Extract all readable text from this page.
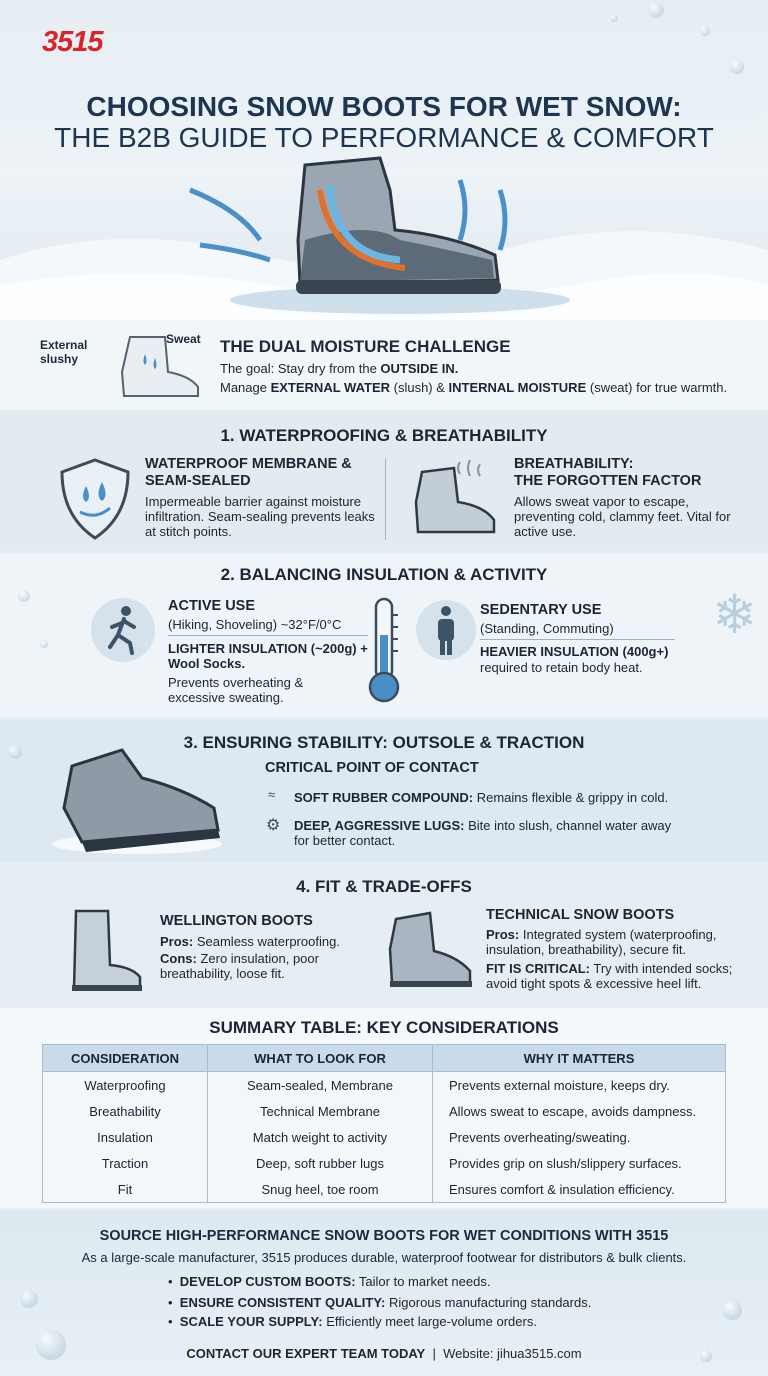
3515
CHOOSING SNOW BOOTS FOR WET SNOW:
THE B2B GUIDE TO PERFORMANCE & COMFORT
External slushy
Sweat THE DUAL MOISTURE CHALLENGE
The goal: Stay dry from the OUTSIDE IN.
Manage EXTERNAL WATER (slush) & INTERNAL MOISTURE (sweat) for true warmth.
1. WATERPROOFING & BREATHABILITY
WATERPROOF MEMBRANE & SEAM-SEALED
Impermeable barrier against moisture infiltration. Seam-sealing prevents leaks at stitch points.
BREATHABILITY:
THE FORGOTTEN FACTOR
Allows sweat vapor to escape, preventing cold, clammy feet. Vital for active use.
2. BALANCING INSULATION & ACTIVITY
ACTIVE USE
(Hiking, Shoveling) ~32°F/0°C
LIGHTER INSULATION (~200g) + Wool Socks.
Prevents overheating & excessive sweating.
SEDENTARY USE
(Standing, Commuting)
HEAVIER INSULATION (400g+)
required to retain body heat.
❄
3. ENSURING STABILITY: OUTSOLE & TRACTION
CRITICAL POINT OF CONTACT
≈ SOFT RUBBER COMPOUND: Remains flexible & grippy in cold.
⚙ DEEP, AGGRESSIVE LUGS: Bite into slush, channel water away
for better contact.
4. FIT & TRADE-OFFS
WELLINGTON BOOTS
Pros: Seamless waterproofing.
Cons: Zero insulation, poor breathability, loose fit.
TECHNICAL SNOW BOOTS
Pros: Integrated system (waterproofing, insulation, breathability), secure fit.
FIT IS CRITICAL: Try with intended socks; avoid tight spots & excessive heel lift.
SUMMARY TABLE: KEY CONSIDERATIONS
CONSIDERATION	WHAT TO LOOK FOR	WHY IT MATTERS
Waterproofing	Seam-sealed, Membrane	Prevents external moisture, keeps dry.
Breathability	Technical Membrane	Allows sweat to escape, avoids dampness.
Insulation	Match weight to activity	Prevents overheating/sweating.
Traction	Deep, soft rubber lugs	Provides grip on slush/slippery surfaces.
Fit	Snug heel, toe room	Ensures comfort & insulation efficiency.
SOURCE HIGH-PERFORMANCE SNOW BOOTS FOR WET CONDITIONS WITH 3515
As a large-scale manufacturer, 3515 produces durable, waterproof footwear for distributors & bulk clients.
•  DEVELOP CUSTOM BOOTS: Tailor to market needs.
•  ENSURE CONSISTENT QUALITY: Rigorous manufacturing standards.
•  SCALE YOUR SUPPLY: Efficiently meet large-volume orders.
CONTACT OUR EXPERT TEAM TODAY | Website: jihua3515.com
